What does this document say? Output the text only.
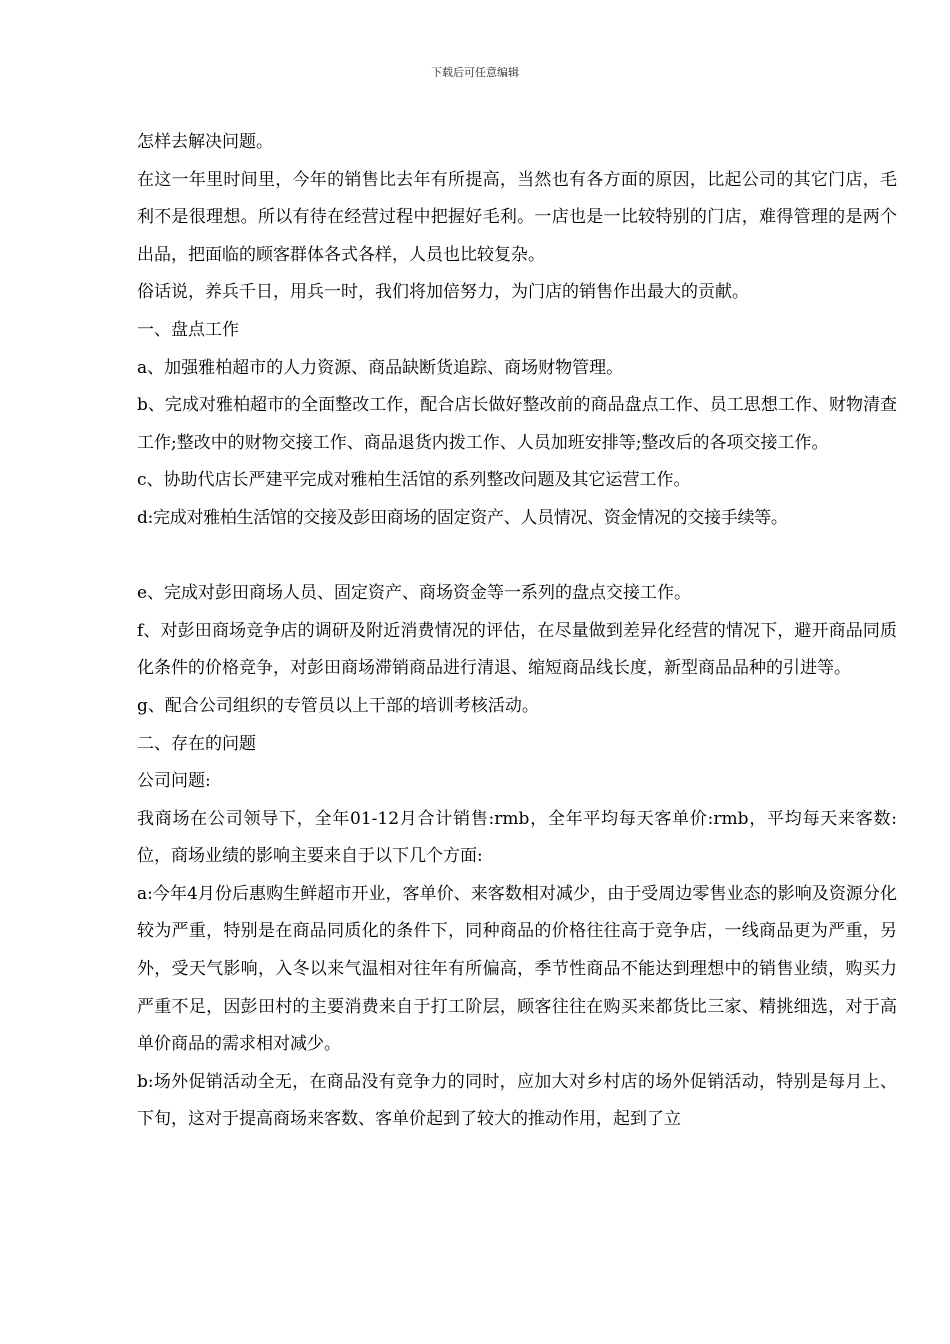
下载后可任意编辑

怎样去解决问题。

在这一年里时间里，今年的销售比去年有所提高，当然也有各方面的原因，比起公司的其它门店，毛利不是很理想。所以有待在经营过程中把握好毛利。一店也是一比较特别的门店，难得管理的是两个出品，把面临的顾客群体各式各样，人员也比较复杂。

俗话说，养兵千日，用兵一时，我们将加倍努力，为门店的销售作出最大的贡献。

一、盘点工作

a、加强雅柏超市的人力资源、商品缺断货追踪、商场财物管理。

b、完成对雅柏超市的全面整改工作，配合店长做好整改前的商品盘点工作、员工思想工作、财物清查工作;整改中的财物交接工作、商品退货内拨工作、人员加班安排等;整改后的各项交接工作。

c、协助代店长严建平完成对雅柏生活馆的系列整改问题及其它运营工作。

d:完成对雅柏生活馆的交接及彭田商场的固定资产、人员情况、资金情况的交接手续等。

e、完成对彭田商场人员、固定资产、商场资金等一系列的盘点交接工作。

f、对彭田商场竞争店的调研及附近消费情况的评估，在尽量做到差异化经营的情况下，避开商品同质化条件的价格竞争，对彭田商场滞销商品进行清退、缩短商品线长度，新型商品品种的引进等。

g、配合公司组织的专管员以上干部的培训考核活动。

二、存在的问题

公司问题:

我商场在公司领导下，全年01-12月合计销售:rmb，全年平均每天客单价:rmb，平均每天来客数:位，商场业绩的影响主要来自于以下几个方面:

a:今年4月份后惠购生鲜超市开业，客单价、来客数相对减少，由于受周边零售业态的影响及资源分化较为严重，特别是在商品同质化的条件下，同种商品的价格往往高于竞争店，一线商品更为严重，另外，受天气影响，入冬以来气温相对往年有所偏高，季节性商品不能达到理想中的销售业绩，购买力严重不足，因彭田村的主要消费来自于打工阶层，顾客往往在购买来都货比三家、精挑细选，对于高单价商品的需求相对减少。

b:场外促销活动全无，在商品没有竞争力的同时，应加大对乡村店的场外促销活动，特别是每月上、下旬，这对于提高商场来客数、客单价起到了较大的推动作用，起到了立
